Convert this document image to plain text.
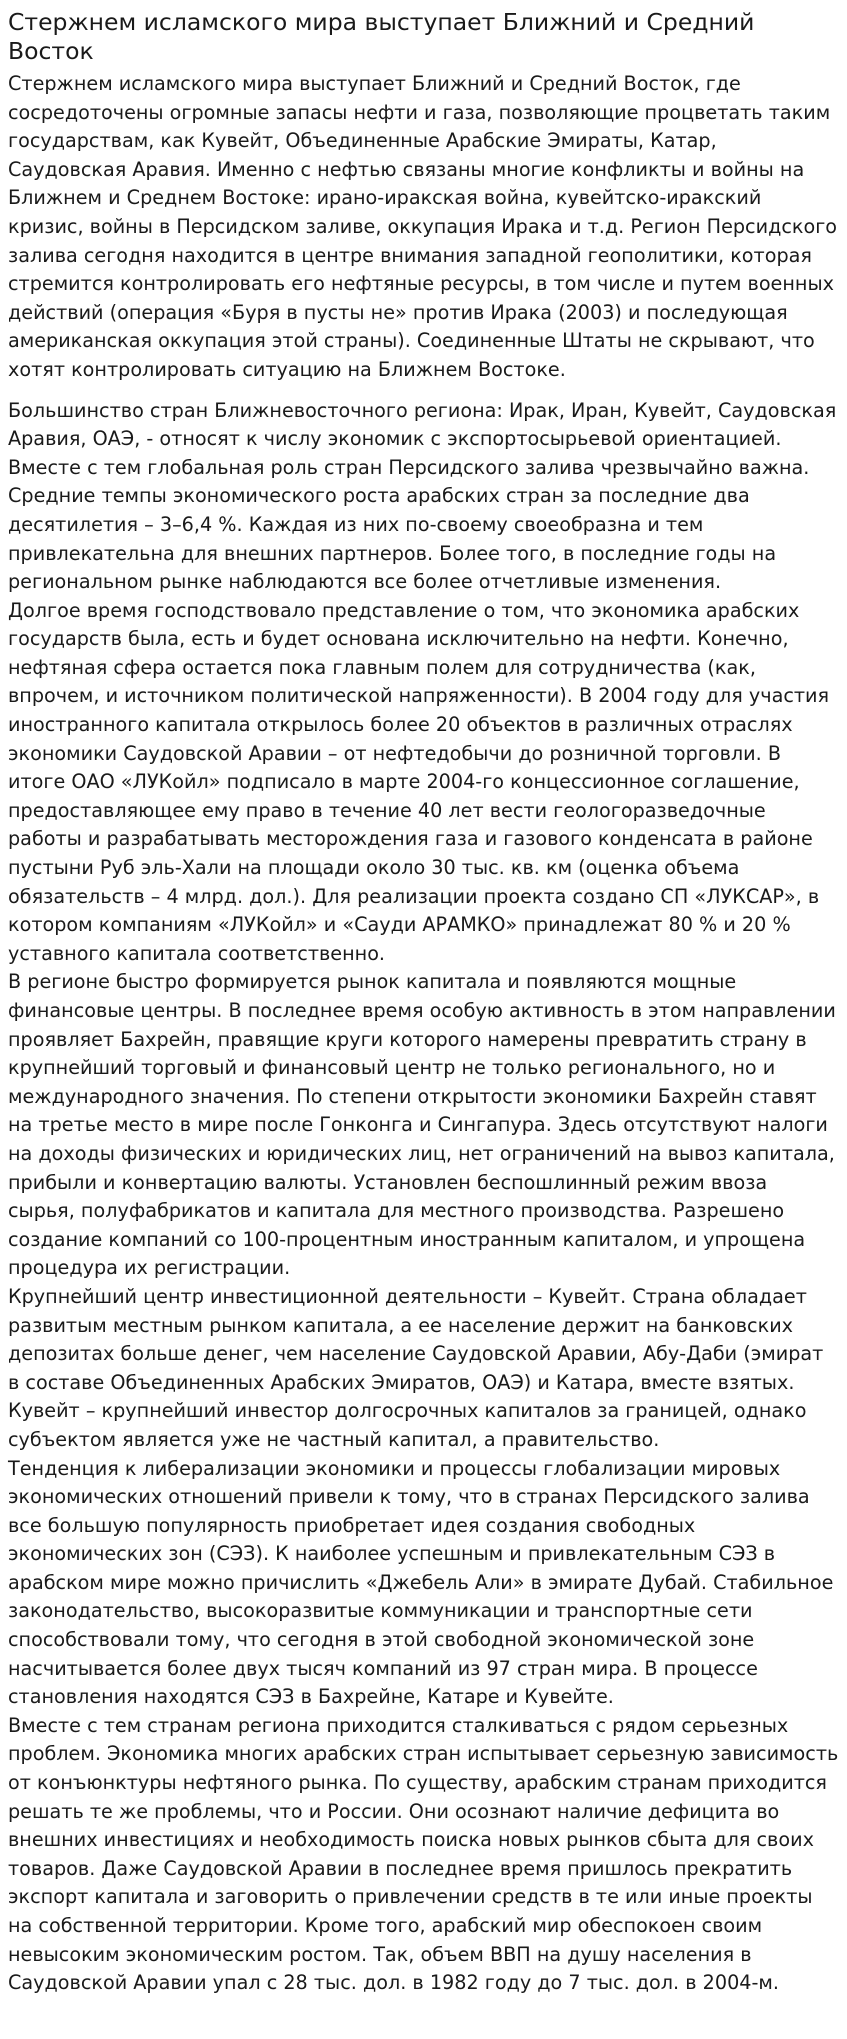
Стержнем исламского мира выступает Ближний и Средний Восток

Стержнем исламского мира выступает Ближний и Средний Восток, где сосредоточены огромные запасы нефти и газа, позволяющие процветать таким государствам, как Кувейт, Объединенные Арабские Эмираты, Катар, Саудовская Аравия. Именно с нефтью связаны многие конфликты и войны на Ближнем и Среднем Востоке: ирано-иракская война, кувейтско-иракский кризис, войны в Персидском заливе, оккупация Ирака и т.д. Регион Персидского залива сегодня находится в центре внимания западной геополитики, которая стремится контролировать его нефтяные ресурсы, в том числе и путем военных действий (операция «Буря в пусты не» против Ирака (2003) и последующая американская оккупация этой страны). Соединенные Штаты не скрывают, что хотят контролировать ситуацию на Ближнем Востоке.

Большинство стран Ближневосточного региона: Ирак, Иран, Кувейт, Саудовская Аравия, ОАЭ, - относят к числу экономик с экспортосырьевой ориентацией. Вместе с тем глобальная роль стран Персидского залива чрезвычайно важна. Средние темпы экономического роста арабских стран за последние два десятилетия – 3–6,4 %. Каждая из них по-своему своеобразна и тем привлекательна для внешних партнеров. Более того, в последние годы на региональном рынке наблюдаются все более отчетливые изменения.

Долгое время господствовало представление о том, что экономика арабских государств была, есть и будет основана исключительно на нефти. Конечно, нефтяная сфера остается пока главным полем для сотрудничества (как, впрочем, и источником политической напряженности). В 2004 году для участия иностранного капитала открылось более 20 объектов в различных отраслях экономики Саудовской Аравии – от нефтедобычи до розничной торговли. В итоге ОАО «ЛУКойл» подписало в марте 2004-го концессионное соглашение, предоставляющее ему право в течение 40 лет вести геологоразведочные работы и разрабатывать месторождения газа и газового конденсата в районе пустыни Руб эль-Хали на площади около 30 тыс. кв. км (оценка объема обязательств – 4 млрд. дол.). Для реализации проекта создано СП «ЛУКСАР», в котором компаниям «ЛУКойл» и «Сауди АРАМКО» принадлежат 80 % и 20 % уставного капитала соответственно.

В регионе быстро формируется рынок капитала и появляются мощные финансовые центры. В последнее время особую активность в этом направлении проявляет Бахрейн, правящие круги которого намерены превратить страну в крупнейший торговый и финансовый центр не только регионального, но и международного значения. По степени открытости экономики Бахрейн ставят на третье место в мире после Гонконга и Сингапура. Здесь отсутствуют налоги на доходы физических и юридических лиц, нет ограничений на вывоз капитала, прибыли и конвертацию валюты. Установлен беспошлинный режим ввоза сырья, полуфабрикатов и капитала для местного производства. Разрешено создание компаний со 100-процентным иностранным капиталом, и упрощена процедура их регистрации.

Крупнейший центр инвестиционной деятельности – Кувейт. Страна обладает развитым местным рынком капитала, а ее население держит на банковских депозитах больше денег, чем население Саудовской Аравии, Абу-Даби (эмират в составе Объединенных Арабских Эмиратов, ОАЭ) и Катара, вместе взятых. Кувейт – крупнейший инвестор долгосрочных капиталов за границей, однако субъектом является уже не частный капитал, а правительство.

Тенденция к либерализации экономики и процессы глобализации мировых экономических отношений привели к тому, что в странах Персидского залива все большую популярность приобретает идея создания свободных экономических зон (СЭЗ). К наиболее успешным и привлекательным СЭЗ в арабском мире можно причислить «Джебель Али» в эмирате Дубай. Стабильное законодательство, высокоразвитые коммуникации и транспортные сети способствовали тому, что сегодня в этой свободной экономической зоне насчитывается более двух тысяч компаний из 97 стран мира. В процессе становления находятся СЭЗ в Бахрейне, Катаре и Кувейте.

Вместе с тем странам региона приходится сталкиваться с рядом серьезных проблем. Экономика многих арабских стран испытывает серьезную зависимость от конъюнктуры нефтяного рынка. По существу, арабским странам приходится решать те же проблемы, что и России. Они осознают наличие дефицита во внешних инвестициях и необходимость поиска новых рынков сбыта для своих товаров. Даже Саудовской Аравии в последнее время пришлось прекратить экспорт капитала и заговорить о привлечении средств в те или иные проекты на собственной территории. Кроме того, арабский мир обеспокоен своим невысоким экономическим ростом. Так, объем ВВП на душу населения в Саудовской Аравии упал с 28 тыс. дол. в 1982 году до 7 тыс. дол. в 2004-м.
